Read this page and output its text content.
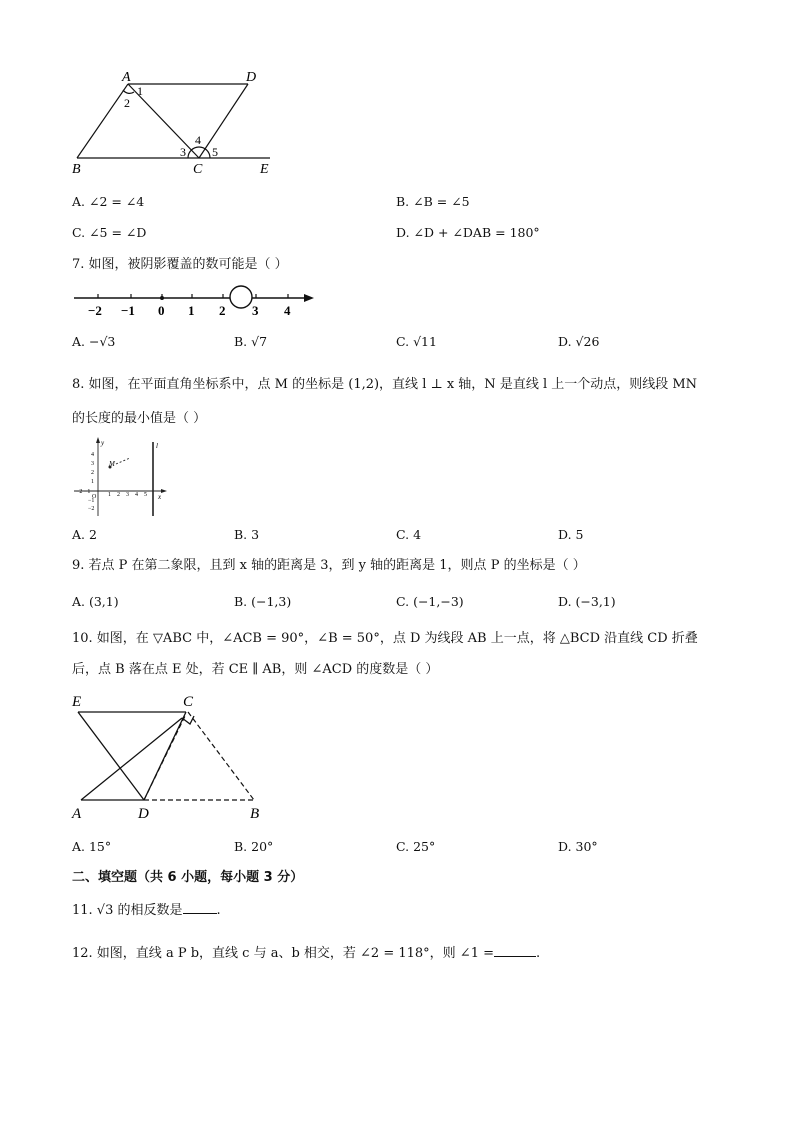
A	D
B	C	E
1
2
3
4
5
A. ∠2 = ∠4	B. ∠B = ∠5
C. ∠5 = ∠D	D. ∠D + ∠DAB = 180°
7. 如图，被阴影覆盖的数可能是（ ）
−2 −1 0 1 2 3 4
A. −√3	B. √7	C. √11	D. √26
8. 如图，在平面直角坐标系中，点 M 的坐标是 (1,2)，直线 l ⊥ x 轴，N 是直线 l 上一个动点，则线段 MN
的长度的最小值是（ ）
y
x
M
l
O
4
3
2
1
−1
−2
−2 −1	1 2 3 4 5
A. 2	B. 3	C. 4	D. 5
9. 若点 P 在第二象限，且到 x 轴的距离是 3，到 y 轴的距离是 1，则点 P 的坐标是（ ）
A. (3,1)	B. (−1,3)	C. (−1,−3)	D. (−3,1)
10. 如图，在 ▽ABC 中，∠ACB = 90°，∠B = 50°，点 D 为线段 AB 上一点，将 △BCD 沿直线 CD 折叠
后，点 B 落在点 E 处，若 CE ∥ AB，则 ∠ACD 的度数是（ ）
E	C
A	D	B
A. 15°	B. 20°	C. 25°	D. 30°
二、填空题（共 6 小题，每小题 3 分）
11. √3 的相反数是	.
12. 如图，直线 a P b，直线 c 与 a、b 相交，若 ∠2 = 118°，则 ∠1 =	.
